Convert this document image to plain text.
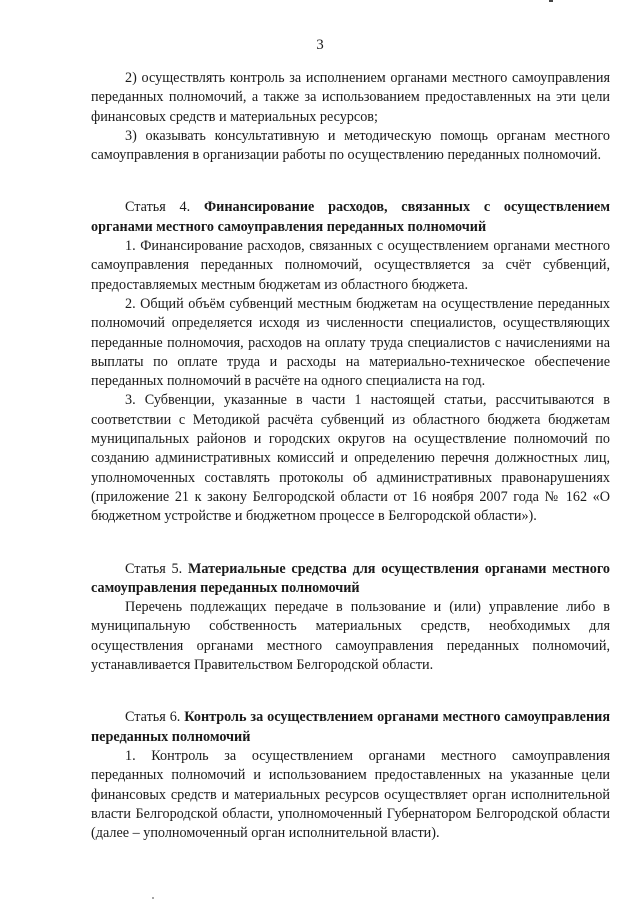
3

2) осуществлять контроль за исполнением органами местного самоуправления переданных полномочий, а также за использованием предоставленных на эти цели финансовых средств и материальных ресурсов;

3) оказывать консультативную и методическую помощь органам местного самоуправления в организации работы по осуществлению переданных полномочий.

Статья 4. Финансирование расходов, связанных с осуществлением органами местного самоуправления переданных полномочий

1. Финансирование расходов, связанных с осуществлением органами местного самоуправления переданных полномочий, осуществляется за счёт субвенций, предоставляемых местным бюджетам из областного бюджета.

2. Общий объём субвенций местным бюджетам на осуществление переданных полномочий определяется исходя из численности специалистов, осуществляющих переданные полномочия, расходов на оплату труда специалистов с начислениями на выплаты по оплате труда и расходы на материально-техническое обеспечение переданных полномочий в расчёте на одного специалиста на год.

3. Субвенции, указанные в части 1 настоящей статьи, рассчитываются в соответствии с Методикой расчёта субвенций из областного бюджета бюджетам муниципальных районов и городских округов на осуществление полномочий по созданию административных комиссий и определению перечня должностных лиц, уполномоченных составлять протоколы об административных правонарушениях (приложение 21 к закону Белгородской области от 16 ноября 2007 года № 162 «О бюджетном устройстве и бюджетном процессе в Белгородской области»).

Статья 5. Материальные средства для осуществления органами местного самоуправления переданных полномочий

Перечень подлежащих передаче в пользование и (или) управление либо в муниципальную собственность материальных средств, необходимых для осуществления органами местного самоуправления переданных полномочий, устанавливается Правительством Белгородской области.

Статья 6. Контроль за осуществлением органами местного самоуправления переданных полномочий

1. Контроль за осуществлением органами местного самоуправления переданных полномочий и использованием предоставленных на указанные цели финансовых средств и материальных ресурсов осуществляет орган исполнительной власти Белгородской области, уполномоченный Губернатором Белгородской области (далее – уполномоченный орган исполнительной власти).
